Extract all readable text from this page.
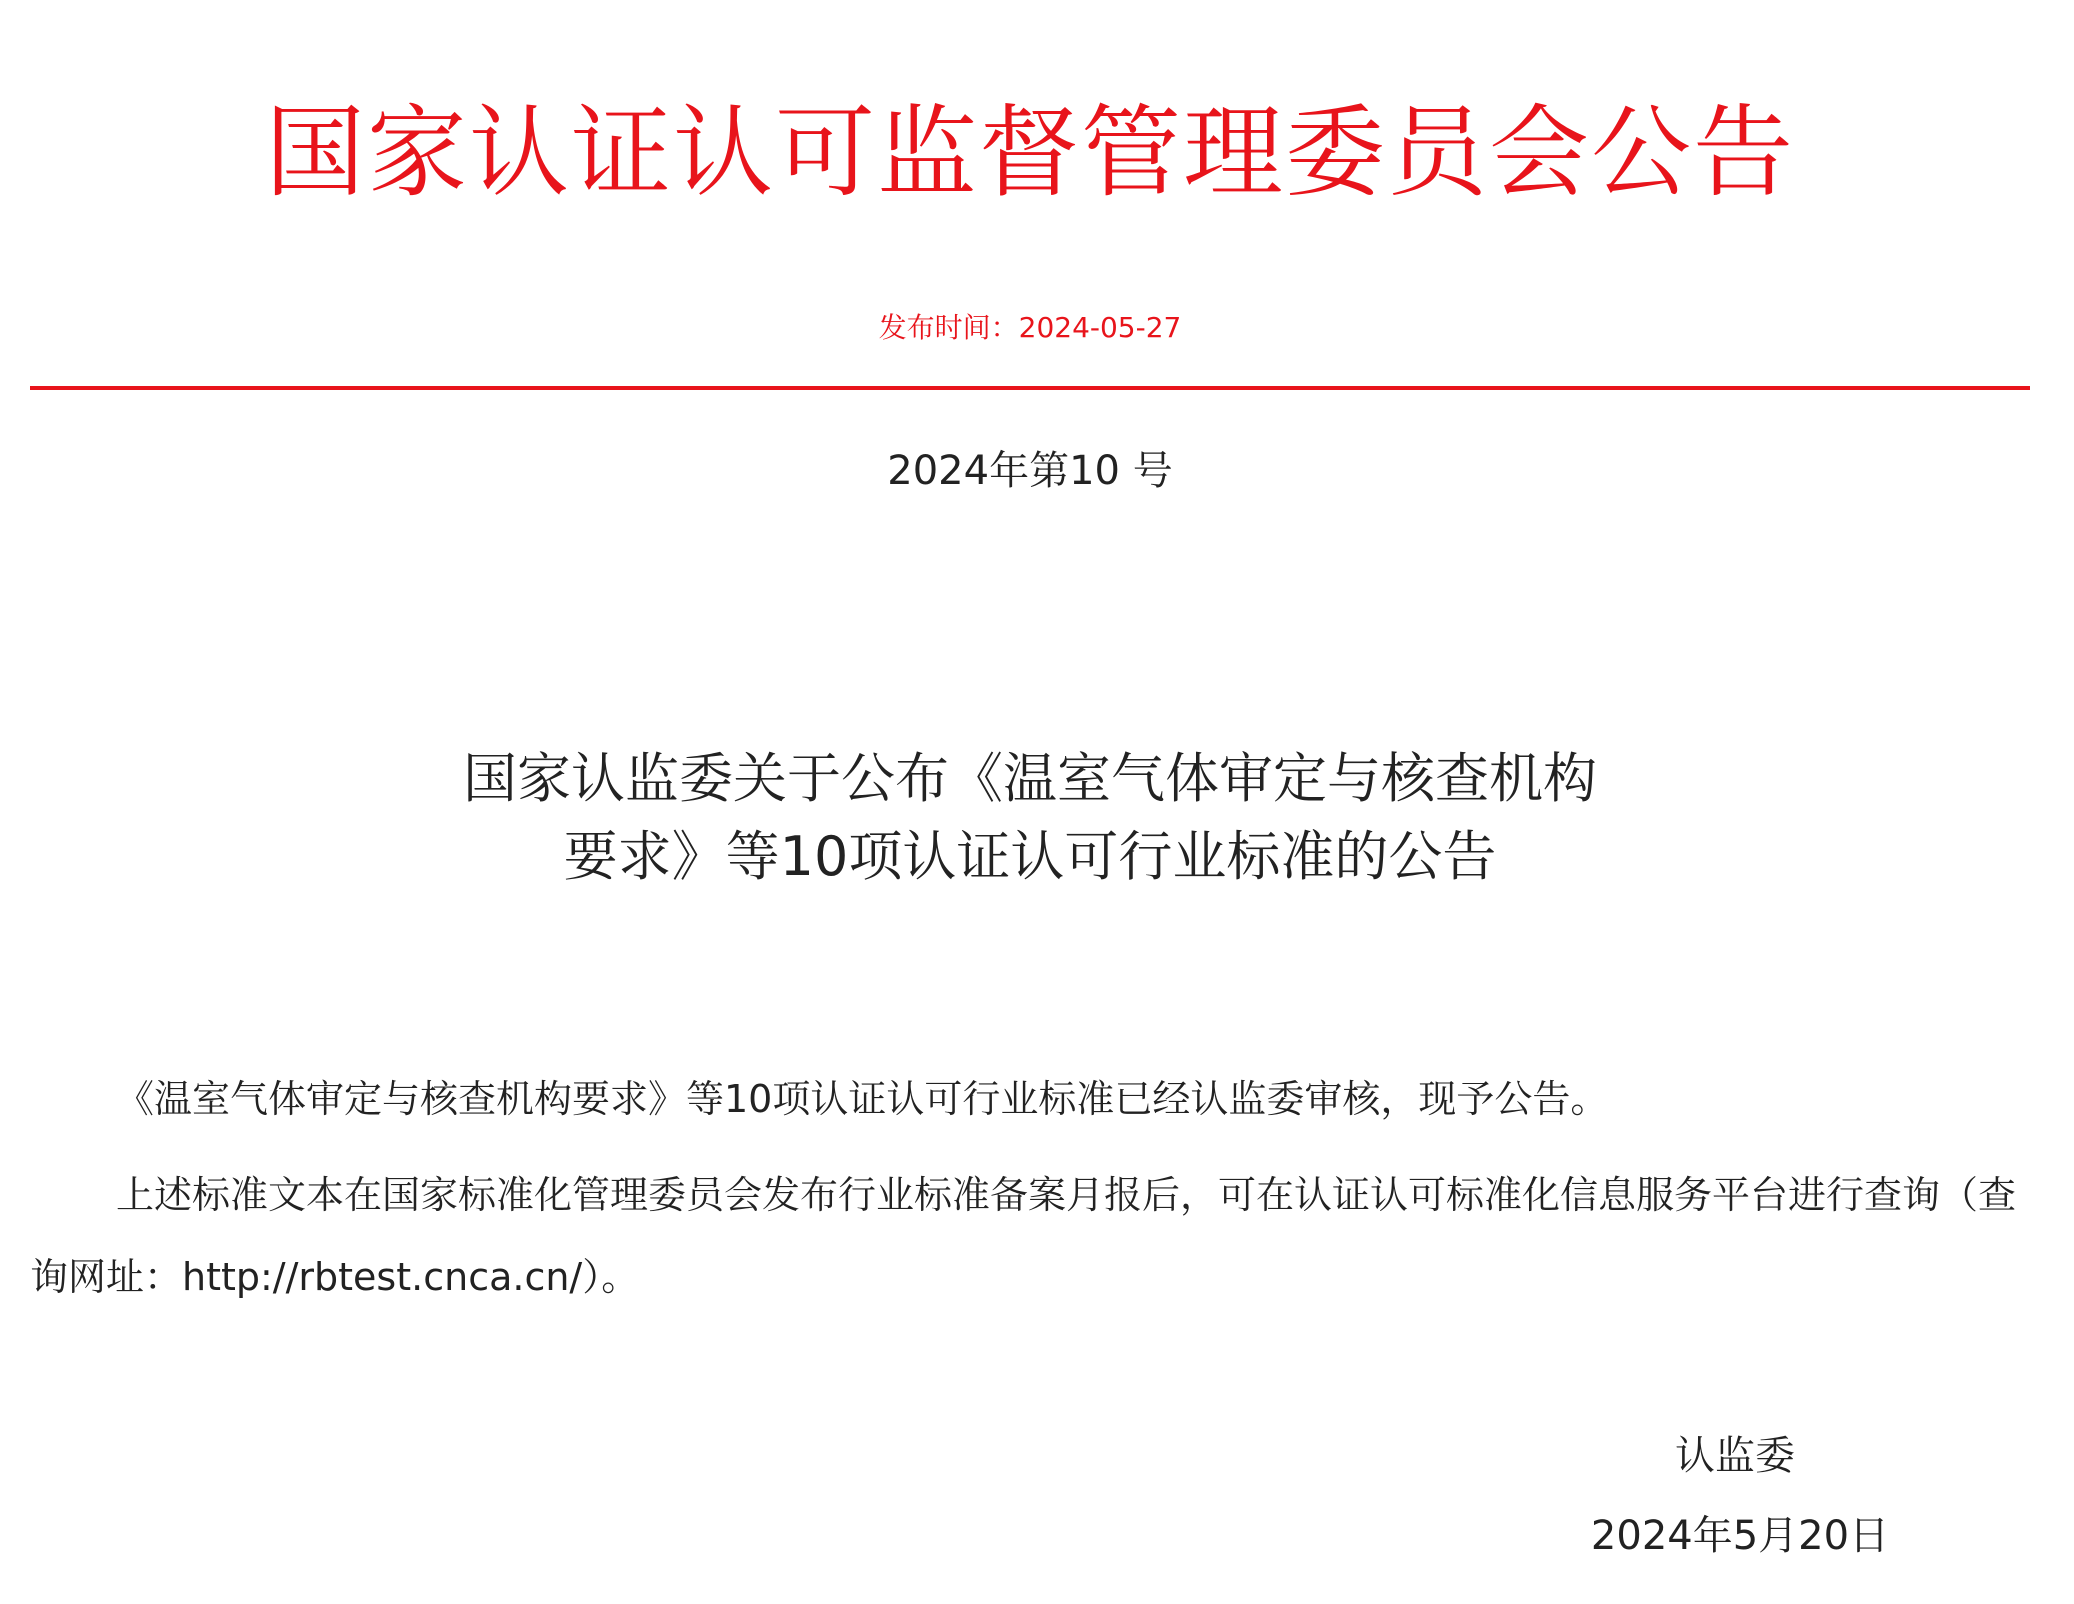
国家认证认可监督管理委员会公告
发布时间：2024-05-27
2024年第10 号
国家认监委关于公布《温室气体审定与核查机构
要求》等10项认证认可行业标准的公告

《温室气体审定与核查机构要求》等10项认证认可行业标准已经认监委审核，现予公告。

上述标准文本在国家标准化管理委员会发布行业标准备案月报后，可在认证认可标准化信息服务平台进行查询（查询网址：http://rbtest.cnca.cn/）。

认监委
2024年5月20日
